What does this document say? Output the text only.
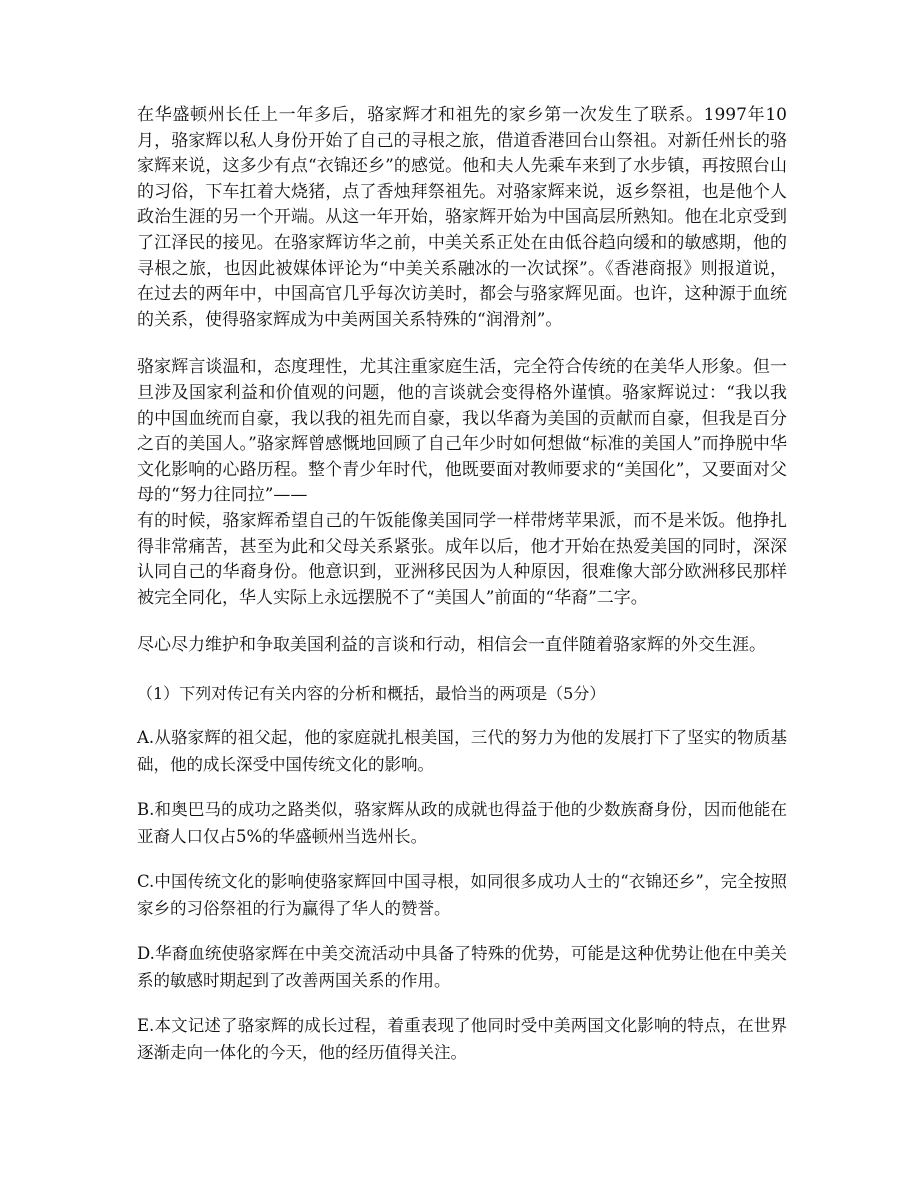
在华盛顿州长任上一年多后，骆家辉才和祖先的家乡第一次发生了联系。1997年10月，骆家辉以私人身份开始了自己的寻根之旅，借道香港回台山祭祖。对新任州长的骆家辉来说，这多少有点“衣锦还乡”的感觉。他和夫人先乘车来到了水步镇，再按照台山的习俗，下车扛着大烧猪，点了香烛拜祭祖先。对骆家辉来说，返乡祭祖，也是他个人政治生涯的另一个开端。从这一年开始，骆家辉开始为中国高层所熟知。他在北京受到了江泽民的接见。在骆家辉访华之前，中美关系正处在由低谷趋向缓和的敏感期，他的寻根之旅，也因此被媒体评论为“中美关系融冰的一次试探”。《香港商报》则报道说，在过去的两年中，中国高官几乎每次访美时，都会与骆家辉见面。也许，这种源于血统的关系，使得骆家辉成为中美两国关系特殊的“润滑剂”。

骆家辉言谈温和，态度理性，尤其注重家庭生活，完全符合传统的在美华人形象。但一旦涉及国家利益和价值观的问题，他的言谈就会变得格外谨慎。骆家辉说过：“我以我的中国血统而自豪，我以我的祖先而自豪，我以华裔为美国的贡献而自豪，但我是百分之百的美国人。”骆家辉曾感慨地回顾了自己年少时如何想做“标准的美国人”而挣脱中华文化影响的心路历程。整个青少年时代，他既要面对教师要求的“美国化”，又要面对父母的“努力往同拉”——

有的时候，骆家辉希望自己的午饭能像美国同学一样带烤苹果派，而不是米饭。他挣扎得非常痛苦，甚至为此和父母关系紧张。成年以后，他才开始在热爱美国的同时，深深认同自己的华裔身份。他意识到，亚洲移民因为人种原因，很难像大部分欧洲移民那样被完全同化，华人实际上永远摆脱不了“美国人”前面的“华裔”二字。

尽心尽力维护和争取美国利益的言谈和行动，相信会一直伴随着骆家辉的外交生涯。

（1）下列对传记有关内容的分析和概括，最恰当的两项是（5分）

A.从骆家辉的祖父起，他的家庭就扎根美国，三代的努力为他的发展打下了坚实的物质基础，他的成长深受中国传统文化的影响。

B.和奥巴马的成功之路类似，骆家辉从政的成就也得益于他的少数族裔身份，因而他能在亚裔人口仅占5%的华盛顿州当选州长。

C.中国传统文化的影响使骆家辉回中国寻根，如同很多成功人士的“衣锦还乡”，完全按照家乡的习俗祭祖的行为赢得了华人的赞誉。

D.华裔血统使骆家辉在中美交流活动中具备了特殊的优势，可能是这种优势让他在中美关系的敏感时期起到了改善两国关系的作用。

E.本文记述了骆家辉的成长过程，着重表现了他同时受中美两国文化影响的特点，在世界逐渐走向一体化的今天，他的经历值得关注。
